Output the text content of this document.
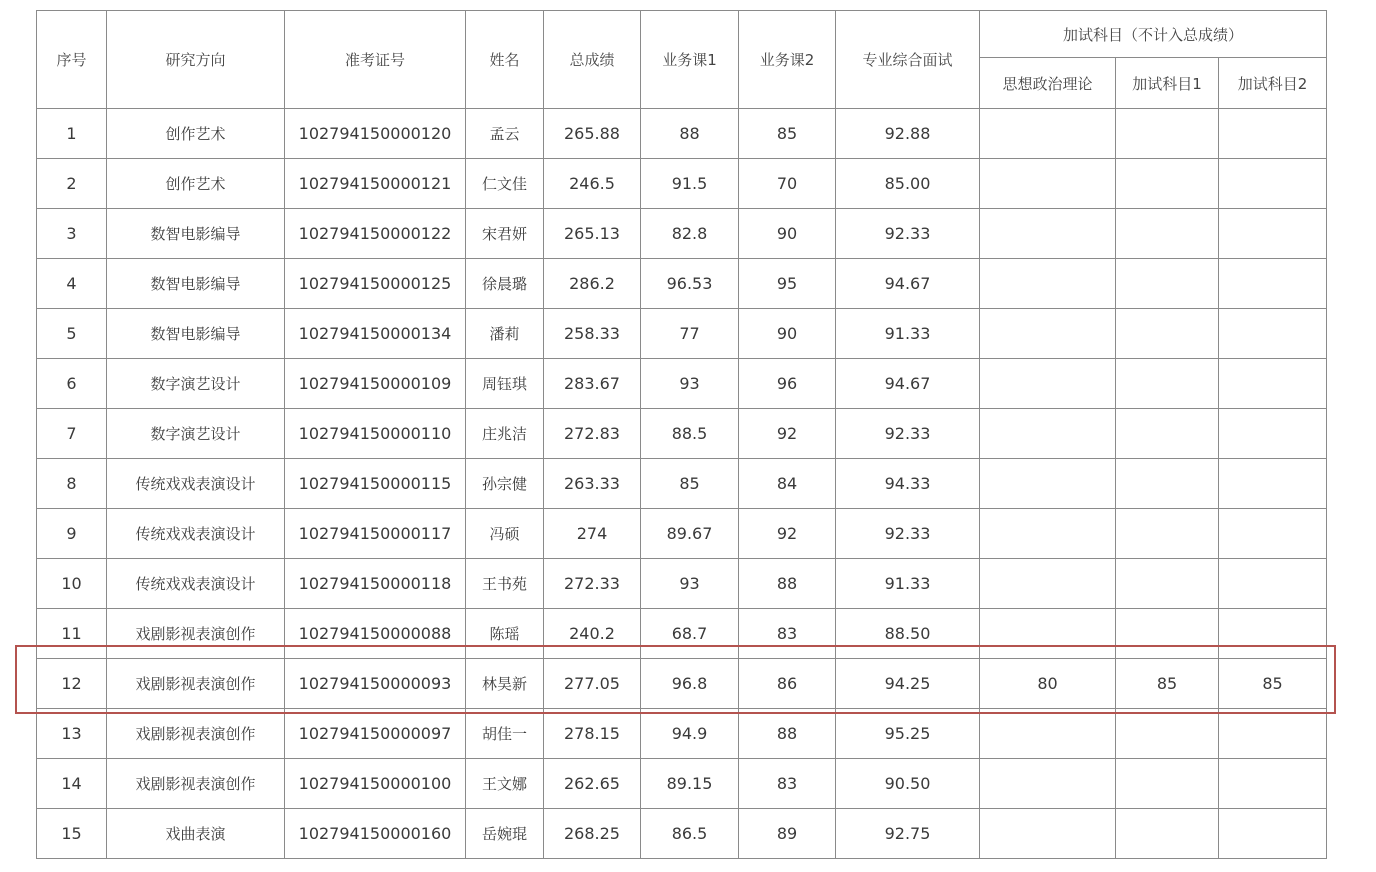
序号	研究方向	准考证号	姓名	总成绩	业务课1	业务课2	专业综合面试	加试科目（不计入总成绩）		
								思想政治理论	加试科目1	加试科目2
1	创作艺术	102794150000120	孟云	265.88	88	85	92.88			
2	创作艺术	102794150000121	仁文佳	246.5	91.5	70	85.00			
3	数智电影编导	102794150000122	宋君妍	265.13	82.8	90	92.33			
4	数智电影编导	102794150000125	徐晨璐	286.2	96.53	95	94.67			
5	数智电影编导	102794150000134	潘莉	258.33	77	90	91.33			
6	数字演艺设计	102794150000109	周钰琪	283.67	93	96	94.67			
7	数字演艺设计	102794150000110	庄兆洁	272.83	88.5	92	92.33			
8	传统戏戏表演设计	102794150000115	孙宗健	263.33	85	84	94.33			
9	传统戏戏表演设计	102794150000117	冯硕	274	89.67	92	92.33			
10	传统戏戏表演设计	102794150000118	王书苑	272.33	93	88	91.33			
11	戏剧影视表演创作	102794150000088	陈瑶	240.2	68.7	83	88.50			
12	戏剧影视表演创作	102794150000093	林昊新	277.05	96.8	86	94.25	80	85	85
13	戏剧影视表演创作	102794150000097	胡佳一	278.15	94.9	88	95.25			
14	戏剧影视表演创作	102794150000100	王文娜	262.65	89.15	83	90.50			
15	戏曲表演	102794150000160	岳婉琨	268.25	86.5	89	92.75			
